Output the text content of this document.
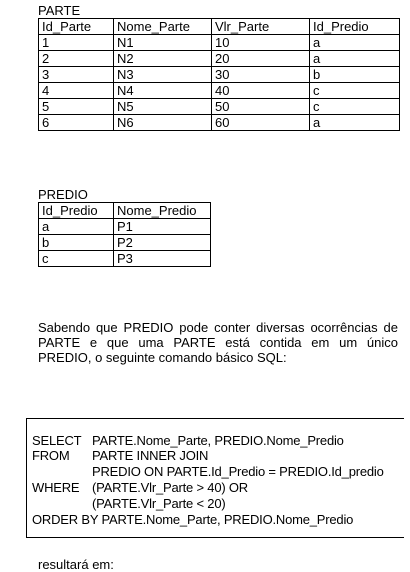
PARTE
Id_Parte	Nome_Parte	Vlr_Parte	Id_Predio
1	N1	10	a
2	N2	20	a
3	N3	30	b
4	N4	40	c
5	N5	50	c
6	N6	60	a
PREDIO
Id_Predio	Nome_Predio
a	P1
b	P2
c	P3
Sabendo que PREDIO pode conter diversas ocorrências de PARTE e que uma PARTE está contida em um único PREDIO, o seguinte comando básico SQL:
SELECT PARTE.Nome_Parte, PREDIO.Nome_Predio
FROM PARTE INNER JOIN
PREDIO ON PARTE.Id_Predio = PREDIO.Id_predio
WHERE (PARTE.Vlr_Parte > 40) OR
(PARTE.Vlr_Parte < 20)
ORDER BY PARTE.Nome_Parte, PREDIO.Nome_Predio
resultará em:
